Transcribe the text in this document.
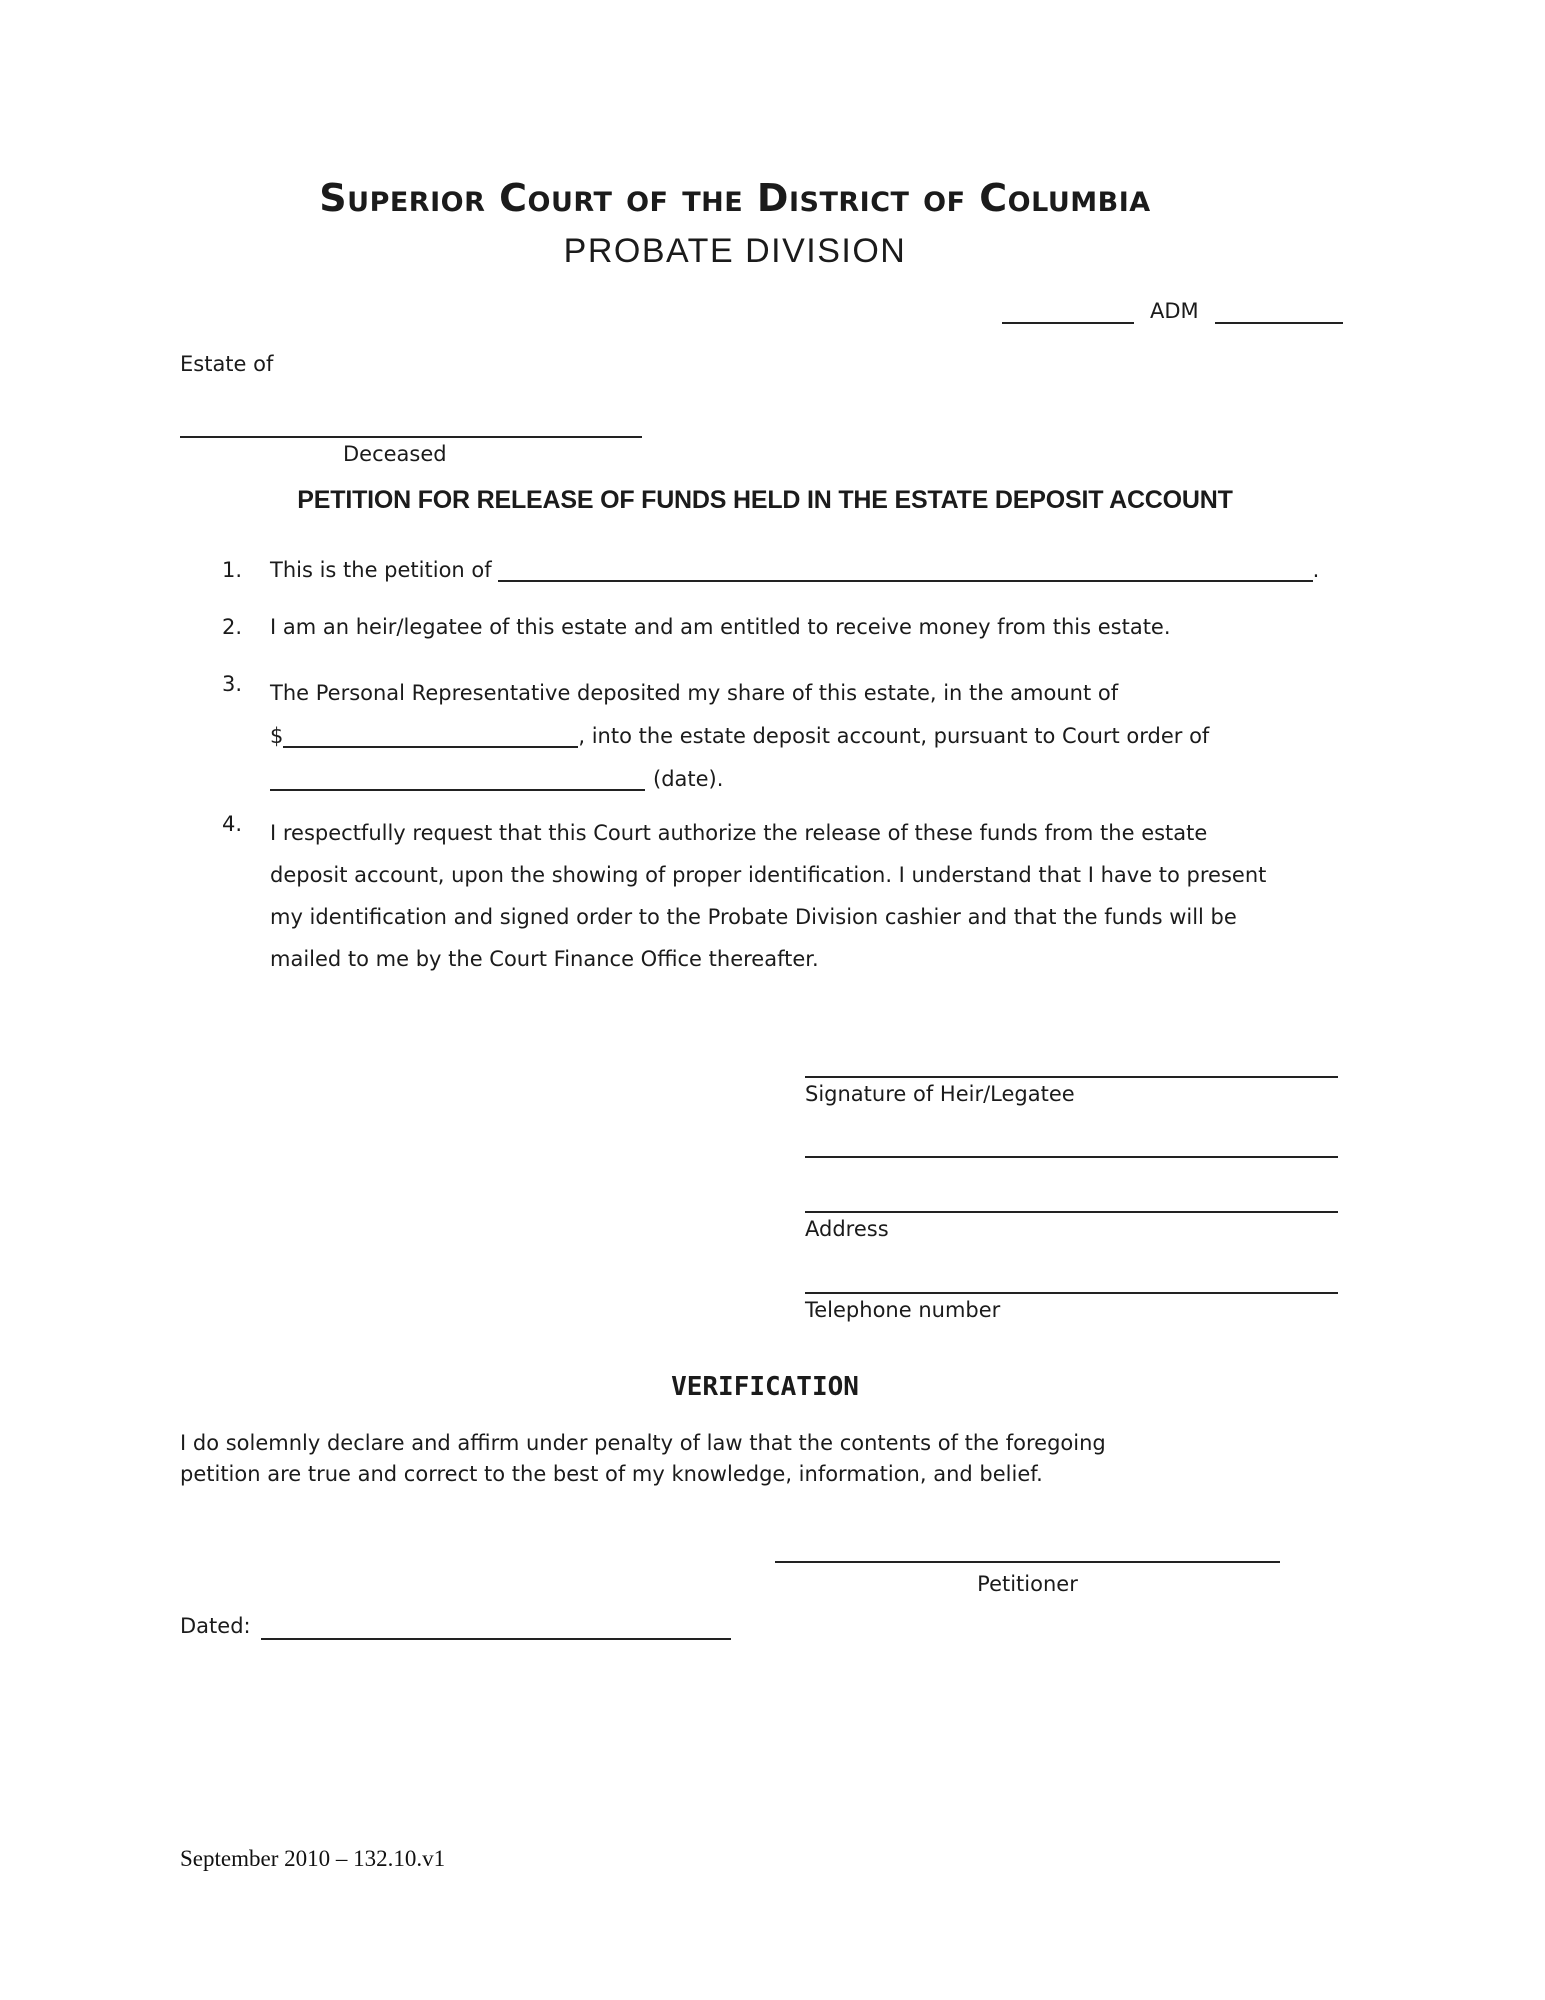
Superior Court of the District of Columbia
PROBATE DIVISION
ADM
Estate of
Deceased
PETITION FOR RELEASE OF FUNDS HELD IN THE ESTATE DEPOSIT ACCOUNT
1.	This is the petition of	.
2.	I am an heir/legatee of this estate and am entitled to receive money from this estate.
3.	The Personal Representative deposited my share of this estate, in the amount of
$	, into the estate deposit account, pursuant to Court order of
(date).
4.	I respectfully request that this Court authorize the release of these funds from the estate
deposit account, upon the showing of proper identification. I understand that I have to present
my identification and signed order to the Probate Division cashier and that the funds will be
mailed to me by the Court Finance Office thereafter.
Signature of Heir/Legatee
Address
Telephone number
VERIFICATION
I do solemnly declare and affirm under penalty of law that the contents of the foregoing
petition are true and correct to the best of my knowledge, information, and belief.
Petitioner
Dated:
September 2010 – 132.10.v1
